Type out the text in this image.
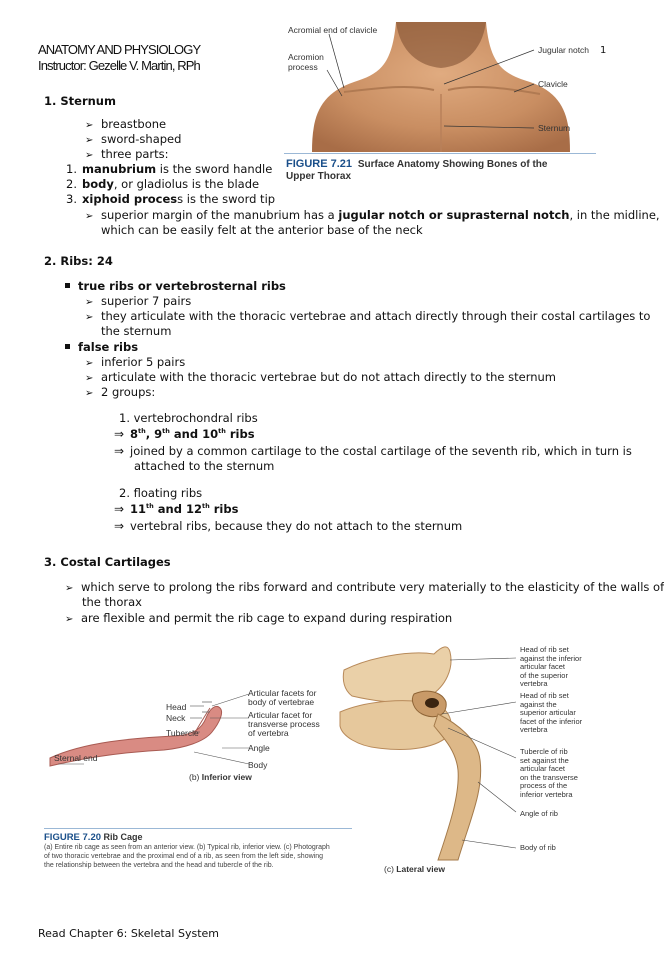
ANATOMY AND PHYSIOLOGY
Instructor: Gezelle V. Martin, RPh
1
Acromial end of clavicle
Acromion
process
Jugular notch
Clavicle
Sternum
FIGURE 7.21 Surface Anatomy Showing Bones of the
Upper Thorax
1. Sternum
➢ breastbone
➢ sword-shaped
➢ three parts:
1. manubrium is the sword handle
2. body, or gladiolus is the blade
3. xiphoid process is the sword tip
➢ superior margin of the manubrium has a jugular notch or suprasternal notch, in the midline,
which can be easily felt at the anterior base of the neck
2. Ribs: 24
true ribs or vertebrosternal ribs
➢ superior 7 pairs
➢ they articulate with the thoracic vertebrae and attach directly through their costal cartilages to
the sternum
false ribs
➢ inferior 5 pairs
➢ articulate with the thoracic vertebrae but do not attach directly to the sternum
➢ 2 groups:
1. vertebrochondral ribs
⇒ 8th, 9th and 10th ribs
⇒ joined by a common cartilage to the costal cartilage of the seventh rib, which in turn is
attached to the sternum
2. floating ribs
⇒ 11th and 12th ribs
⇒ vertebral ribs, because they do not attach to the sternum
3. Costal Cartilages
➢ which serve to prolong the ribs forward and contribute very materially to the elasticity of the walls of
the thorax
➢ are flexible and permit the rib cage to expand during respiration
Articular facets for
body of vertebrae
Articular facet for
transverse process
of vertebra
Head
Neck
Tubercle
Angle
Body
Sternal end
(b) Inferior view
Head of rib set
against the inferior
articular facet
of the superior
vertebra
Head of rib set
against the
superior articular
facet of the inferior
vertebra
Tubercle of rib
set against the
articular facet
on the transverse
process of the
inferior vertebra
Angle of rib
Body of rib
(c) Lateral view
FIGURE 7.20 Rib Cage
(a) Entire rib cage as seen from an anterior view. (b) Typical rib, inferior view. (c) Photograph
of two thoracic vertebrae and the proximal end of a rib, as seen from the left side, showing
the relationship between the vertebra and the head and tubercle of the rib.
Read Chapter 6: Skeletal System
